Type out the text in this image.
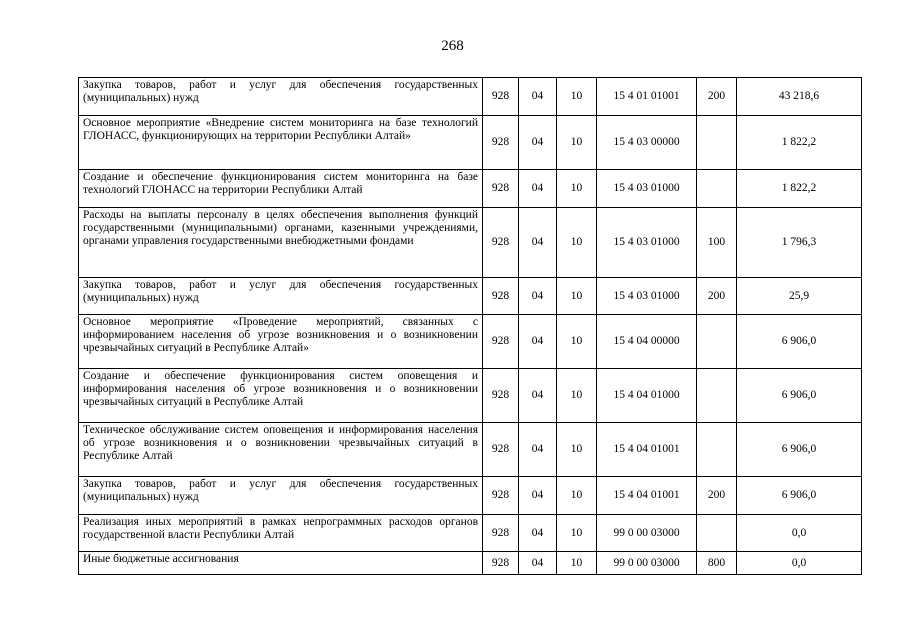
268
Закупка товаров, работ и услуг для обеспечения государственных (муниципальных) нужд	928	04	10	15 4 01 01001	200	43 218,6
Основное мероприятие «Внедрение систем мониторинга на базе технологий ГЛОНАСС, функционирующих на территории Республики Алтай»	928	04	10	15 4 03 00000		1 822,2
Создание и обеспечение функционирования систем мониторинга на базе технологий ГЛОНАСС на территории Республики Алтай	928	04	10	15 4 03 01000		1 822,2
Расходы на выплаты персоналу в целях обеспечения выполнения функций государственными (муниципальными) органами, казенными учреждениями, органами управления государственными внебюджетными фондами	928	04	10	15 4 03 01000	100	1 796,3
Закупка товаров, работ и услуг для обеспечения государственных (муниципальных) нужд	928	04	10	15 4 03 01000	200	25,9
Основное мероприятие «Проведение мероприятий, связанных с информированием населения об угрозе возникновения и о возникновении чрезвычайных ситуаций в Республике Алтай»	928	04	10	15 4 04 00000		6 906,0
Создание и обеспечение функционирования систем оповещения и информирования населения об угрозе возникновения и о возникновении чрезвычайных ситуаций в Республике Алтай	928	04	10	15 4 04 01000		6 906,0
Техническое обслуживание систем оповещения и информирования населения об угрозе возникновения и о возникновении чрезвычайных ситуаций в Республике Алтай	928	04	10	15 4 04 01001		6 906,0
Закупка товаров, работ и услуг для обеспечения государственных (муниципальных) нужд	928	04	10	15 4 04 01001	200	6 906,0
Реализация иных мероприятий в рамках непрограммных расходов органов государственной власти Республики Алтай	928	04	10	99 0 00 03000		0,0
Иные бюджетные ассигнования	928	04	10	99 0 00 03000	800	0,0
